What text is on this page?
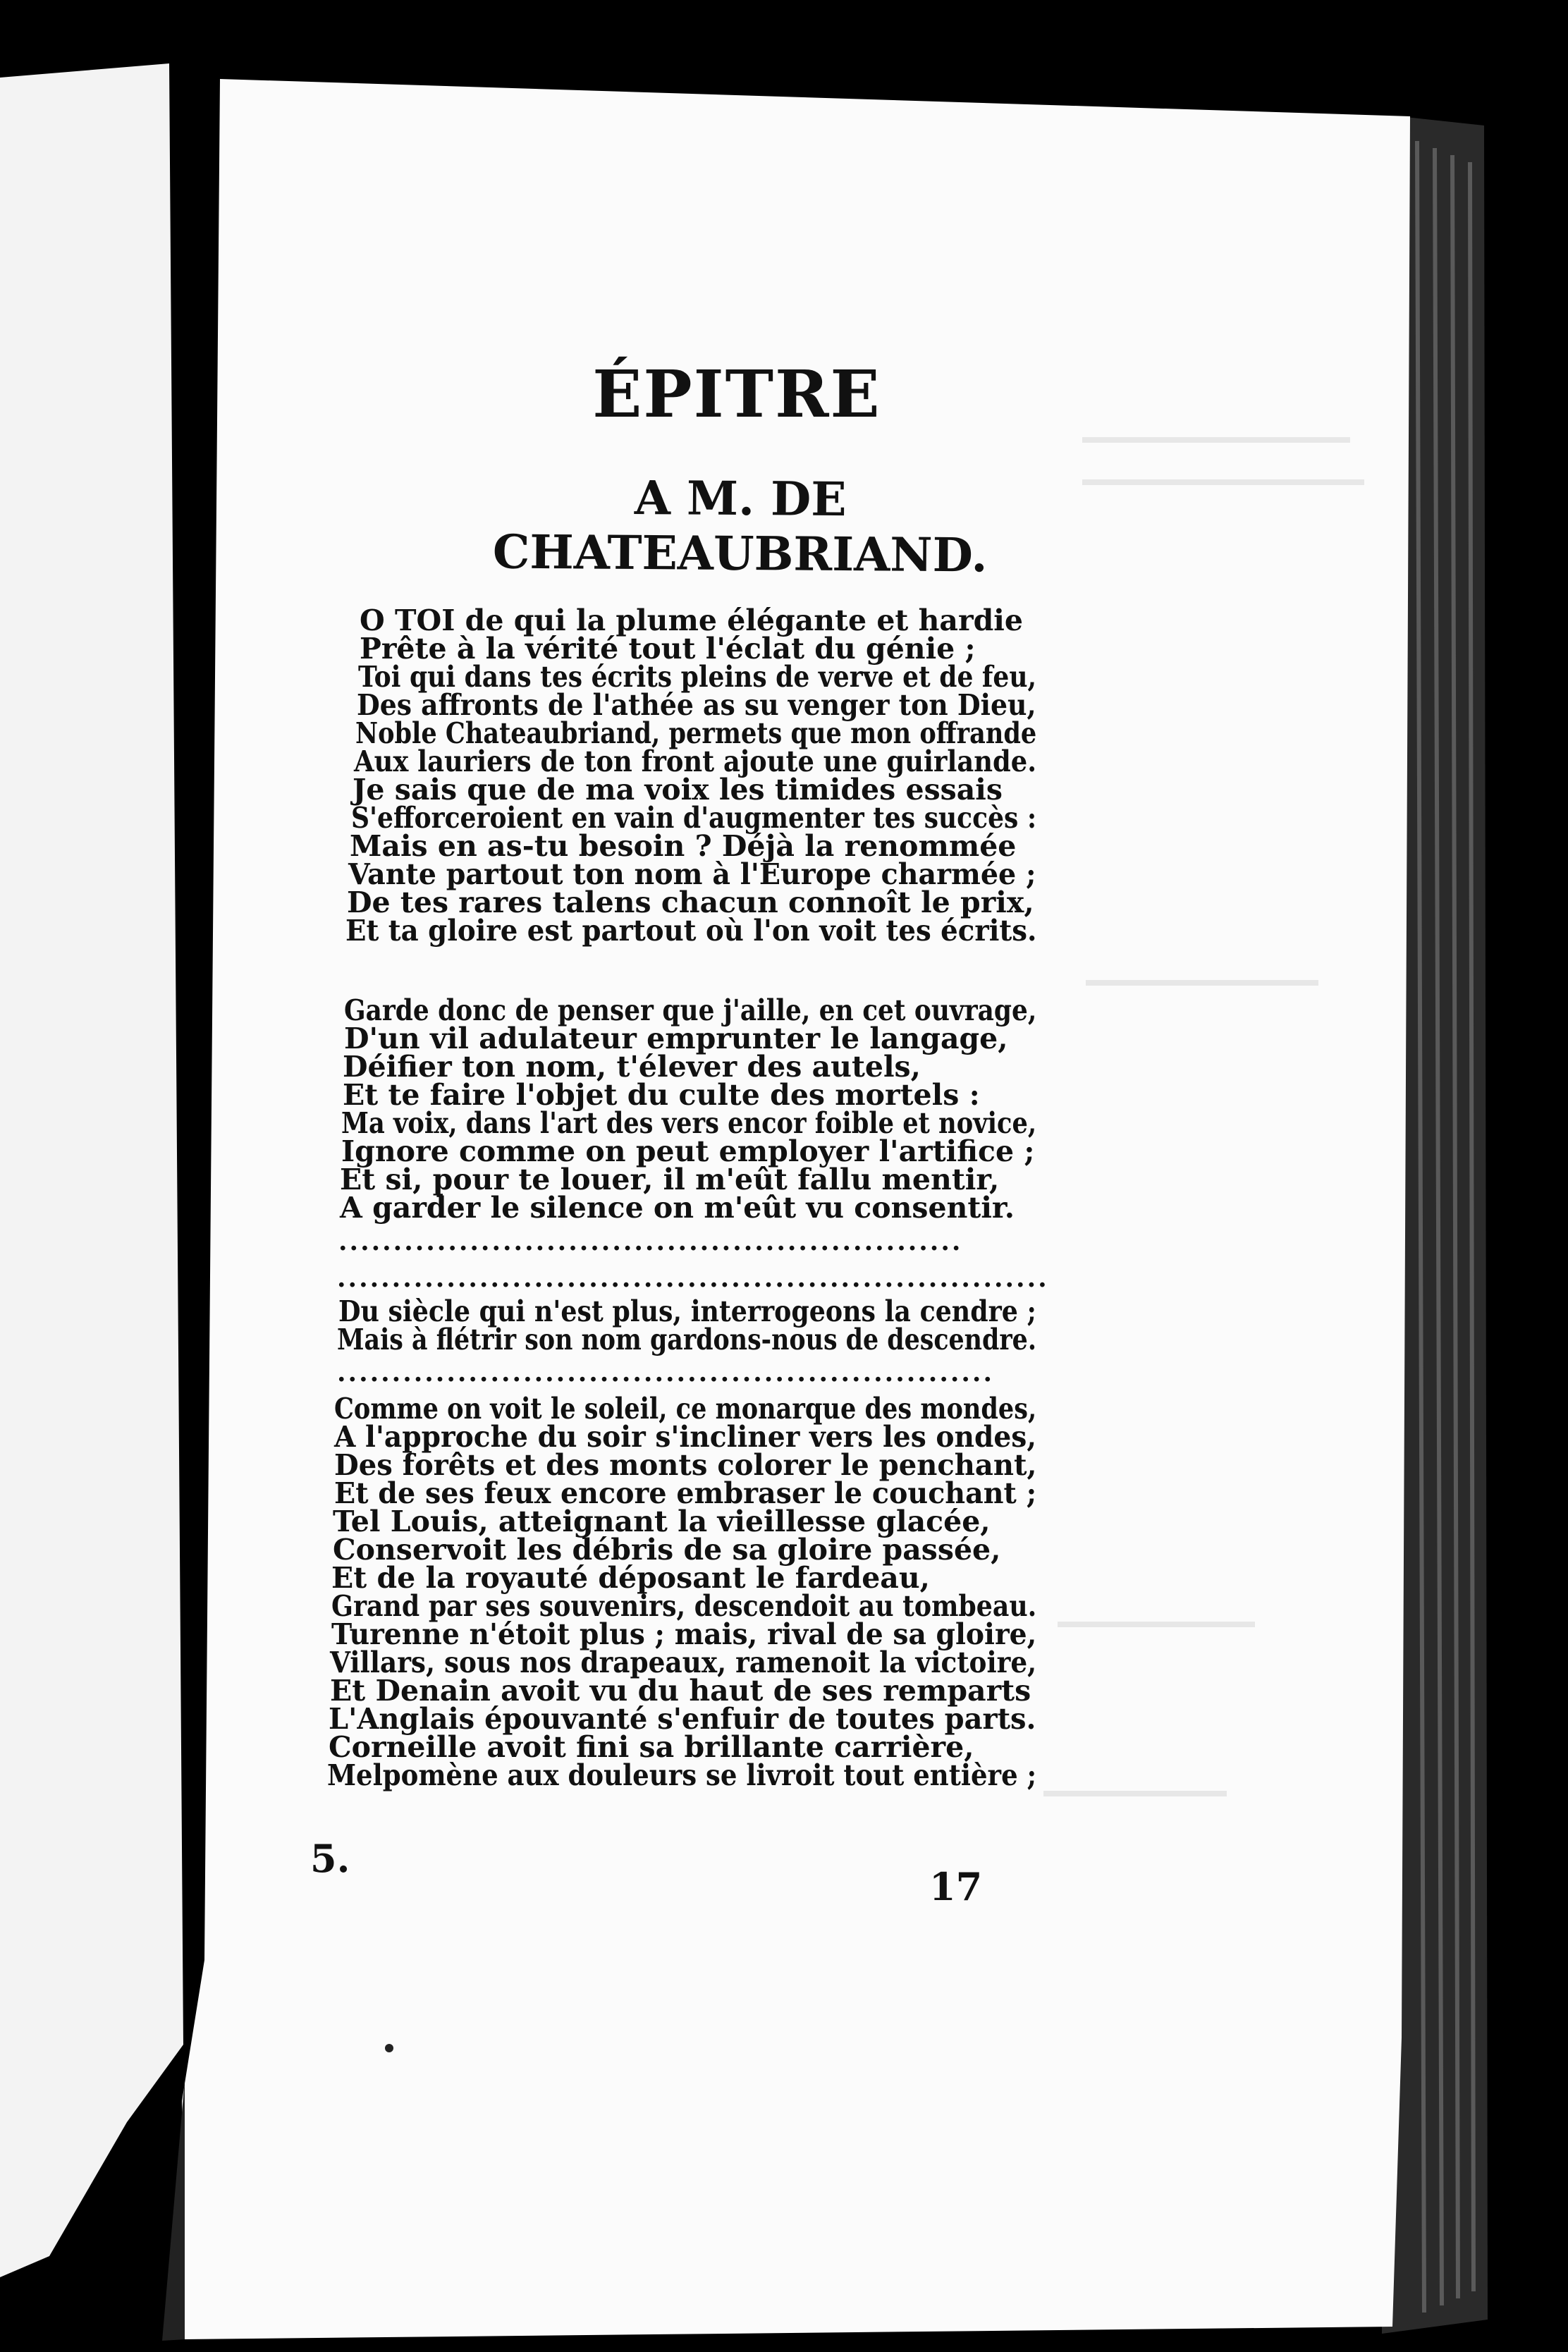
ÉPITRE
A M. DE CHATEAUBRIAND.
O TOI de qui la plume élégante et hardie
Prête à la vérité tout l'éclat du génie ;
Toi qui dans tes écrits pleins de verve et de feu,
Des affronts de l'athée as su venger ton Dieu,
Noble Chateaubriand, permets que mon offrande
Aux lauriers de ton front ajoute une guirlande.
Je sais que de ma voix les timides essais
S'efforceroient en vain d'augmenter tes succès :
Mais en as-tu besoin ? Déjà la renommée
Vante partout ton nom à l'Europe charmée ;
De tes rares talens chacun connoît le prix,
Et ta gloire est partout où l'on voit tes écrits.
Garde donc de penser que j'aille, en cet ouvrage,
D'un vil adulateur emprunter le langage,
Déifier ton nom, t'élever des autels,
Et te faire l'objet du culte des mortels :
Ma voix, dans l'art des vers encor foible et novice,
Ignore comme on peut employer l'artifice ;
Et si, pour te louer, il m'eût fallu mentir,
A garder le silence on m'eût vu consentir.
.........................................................
.................................................................
Du siècle qui n'est plus, interrogeons la cendre ;
Mais à flétrir son nom gardons-nous de descendre.
............................................................
Comme on voit le soleil, ce monarque des mondes,
A l'approche du soir s'incliner vers les ondes,
Des forêts et des monts colorer le penchant,
Et de ses feux encore embraser le couchant ;
Tel Louis, atteignant la vieillesse glacée,
Conservoit les débris de sa gloire passée,
Et de la royauté déposant le fardeau,
Grand par ses souvenirs, descendoit au tombeau.
Turenne n'étoit plus ; mais, rival de sa gloire,
Villars, sous nos drapeaux, ramenoit la victoire,
Et Denain avoit vu du haut de ses remparts
L'Anglais épouvanté s'enfuir de toutes parts.
Corneille avoit fini sa brillante carrière,
Melpomène aux douleurs se livroit tout entière ;
5.
17
